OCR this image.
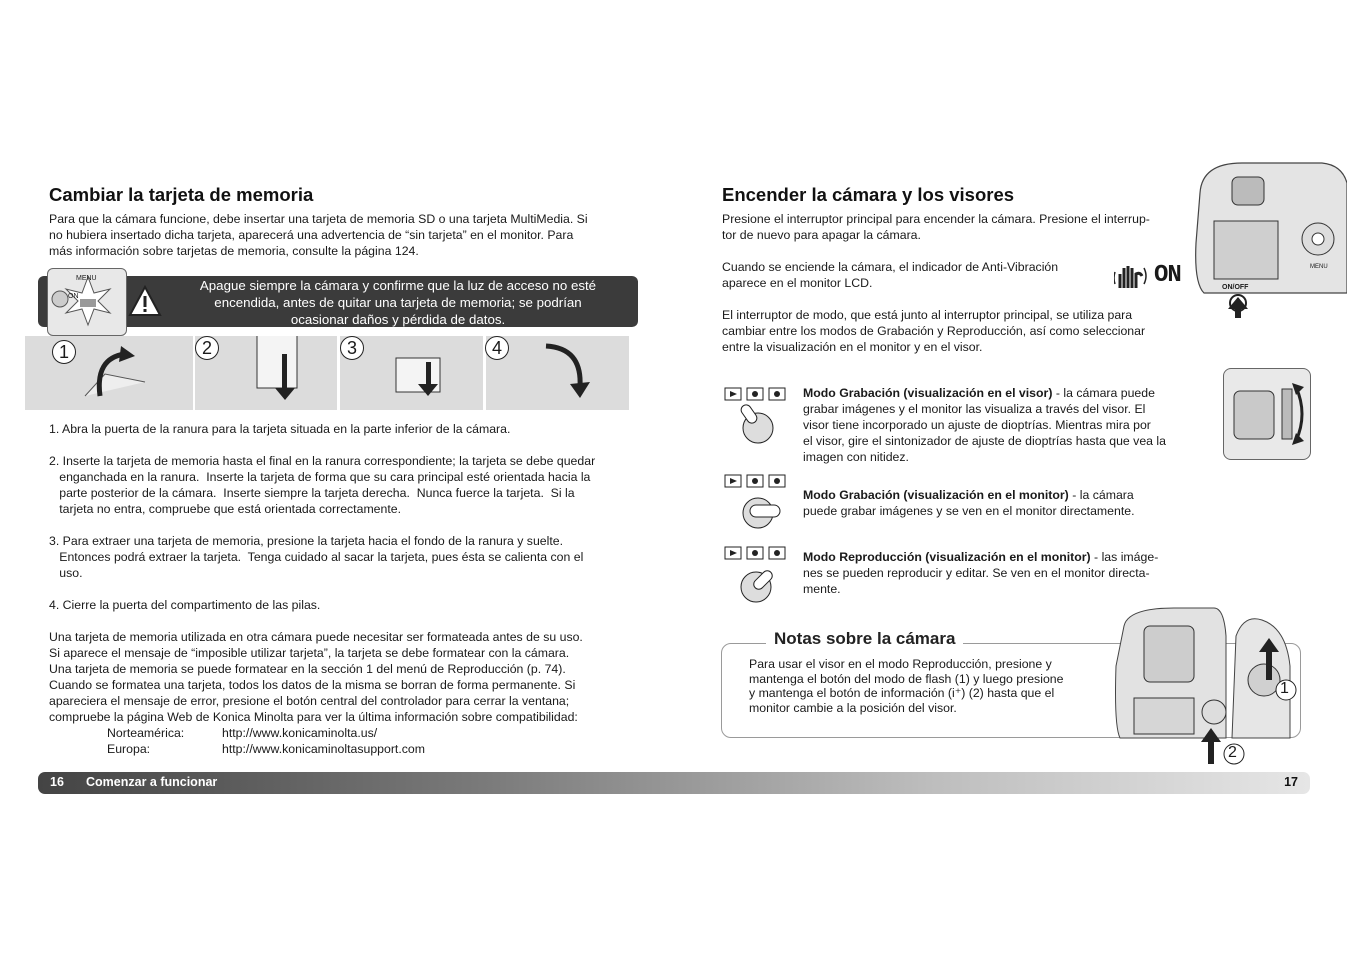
Cambiar la tarjeta de memoria
Para que la cámara funcione, debe insertar una tarjeta de memoria SD o una tarjeta MultiMedia. Si
no hubiera insertado dicha tarjeta, aparecerá una advertencia de “sin tarjeta” en el monitor. Para
más información sobre tarjetas de memoria, consulte la página 124.
Apague siempre la cámara y confirme que la luz de acceso no esté
encendida, antes de quitar una tarjeta de memoria; se podrían
ocasionar daños y pérdida de datos.
MENU
ON
1	2	3	4
1. Abra la puerta de la ranura para la tarjeta situada en la parte inferior de la cámara.
2. Inserte la tarjeta de memoria hasta el final en la ranura correspondiente; la tarjeta se debe quedar
enganchada en la ranura.  Inserte la tarjeta de forma que su cara principal esté orientada hacia la
parte posterior de la cámara.  Inserte siempre la tarjeta derecha.  Nunca fuerce la tarjeta.  Si la
tarjeta no entra, compruebe que está orientada correctamente.
3. Para extraer una tarjeta de memoria, presione la tarjeta hacia el fondo de la ranura y suelte.
Entonces podrá extraer la tarjeta.  Tenga cuidado al sacar la tarjeta, pues ésta se calienta con el
uso.
4. Cierre la puerta del compartimento de las pilas.
Una tarjeta de memoria utilizada en otra cámara puede necesitar ser formateada antes de su uso.
Si aparece el mensaje de “imposible utilizar tarjeta”, la tarjeta se debe formatear con la cámara.
Una tarjeta de memoria se puede formatear en la sección 1 del menú de Reproducción (p. 74).
Cuando se formatea una tarjeta, todos los datos de la misma se borran de forma permanente. Si
apareciera el mensaje de error, presione el botón central del controlador para cerrar la ventana;
compruebe la página Web de Konica Minolta para ver la última información sobre compatibilidad:
Norteamérica:	http://www.konicaminolta.us/
Europa:	http://www.konicaminoltasupport.com
Encender la cámara y los visores
Presione el interruptor principal para encender la cámara. Presione el interrup-
tor de nuevo para apagar la cámara.
Cuando se enciende la cámara, el indicador de Anti-Vibración
aparece en el monitor LCD.	ON
El interruptor de modo, que está junto al interruptor principal, se utiliza para
cambiar entre los modos de Grabación y Reproducción, así como seleccionar
entre la visualización en el monitor y en el visor.
ON/OFF
MENU
Modo Grabación (visualización en el visor) - la cámara puede
grabar imágenes y el monitor las visualiza a través del visor. El
visor tiene incorporado un ajuste de dioptrías. Mientras mira por
el visor, gire el sintonizador de ajuste de dioptrías hasta que vea la
imagen con nitidez.
Modo Grabación (visualización en el monitor) - la cámara
puede grabar imágenes y se ven en el monitor directamente.
Modo Reproducción (visualización en el monitor) - las imáge-
nes se pueden reproducir y editar. Se ven en el monitor directa-
mente.
Notas sobre la cámara
Para usar el visor en el modo Reproducción, presione y
mantenga el botón del modo de flash (1) y luego presione
y mantenga el botón de información (i⁺) (2) hasta que el
monitor cambie a la posición del visor.
1
2
16 Comenzar a funcionar	17
